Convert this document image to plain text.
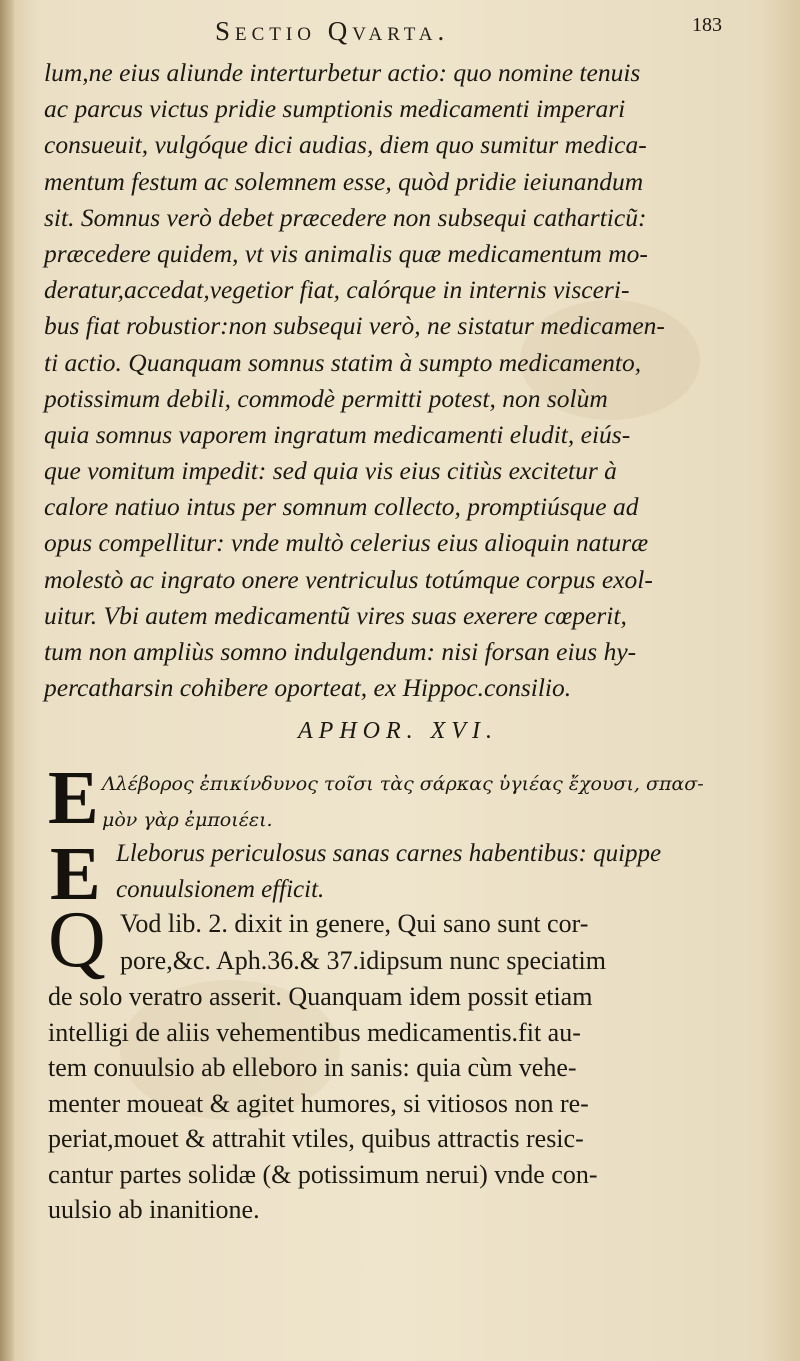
Sectio Qvarta.	183
lum,ne eius aliunde interturbetur actio: quo nomine tenuis
ac parcus victus pridie sumptionis medicamenti imperari
consueuit, vulgóque dici audias, diem quo sumitur medica-
mentum festum ac solemnem esse, quòd pridie ieiunandum
sit. Somnus verò debet præcedere non subsequi catharticũ:
præcedere quidem, vt vis animalis quæ medicamentum mo-
deratur,accedat,vegetior fiat, calórque in internis visceri-
bus fiat robustior:non subsequi verò, ne sistatur medicamen-
ti actio. Quanquam somnus statim à sumpto medicamento,
potissimum debili, commodè permitti potest, non solùm
quia somnus vaporem ingratum medicamenti eludit, eiús-
que vomitum impedit: sed quia vis eius citiùs excitetur à
calore natiuo intus per somnum collecto, promptiúsque ad
opus compellitur: vnde multò celerius eius alioquin naturæ
molestò ac ingrato onere ventriculus totúmque corpus exol-
uitur. Vbi autem medicamentũ vires suas exerere cœperit,
tum non ampliùs somno indulgendum: nisi forsan eius hy-
percatharsin cohibere oporteat, ex Hippoc.consilio.
APHOR. XVI.
E Λλέβορος ἐπικίνδυνος τοῖσι τὰς σάρκας ὑγιέας ἔχουσι, σπασ-
μὸν γὰρ ἐμποιέει.
E Lleborus periculosus sanas carnes habentibus: quippe
conuulsionem efficit.
Q Vod lib. 2. dixit in genere, Qui sano sunt cor-
pore,&c. Aph.36.& 37.idipsum nunc speciatim
de solo veratro asserit. Quanquam idem possit etiam
intelligi de aliis vehementibus medicamentis.fit au-
tem conuulsio ab elleboro in sanis: quia cùm vehe-
menter moueat & agitet humores, si vitiosos non re-
periat,mouet & attrahit vtiles, quibus attractis resic-
cantur partes solidæ (& potissimum nerui) vnde con-
uulsio ab inanitione.
